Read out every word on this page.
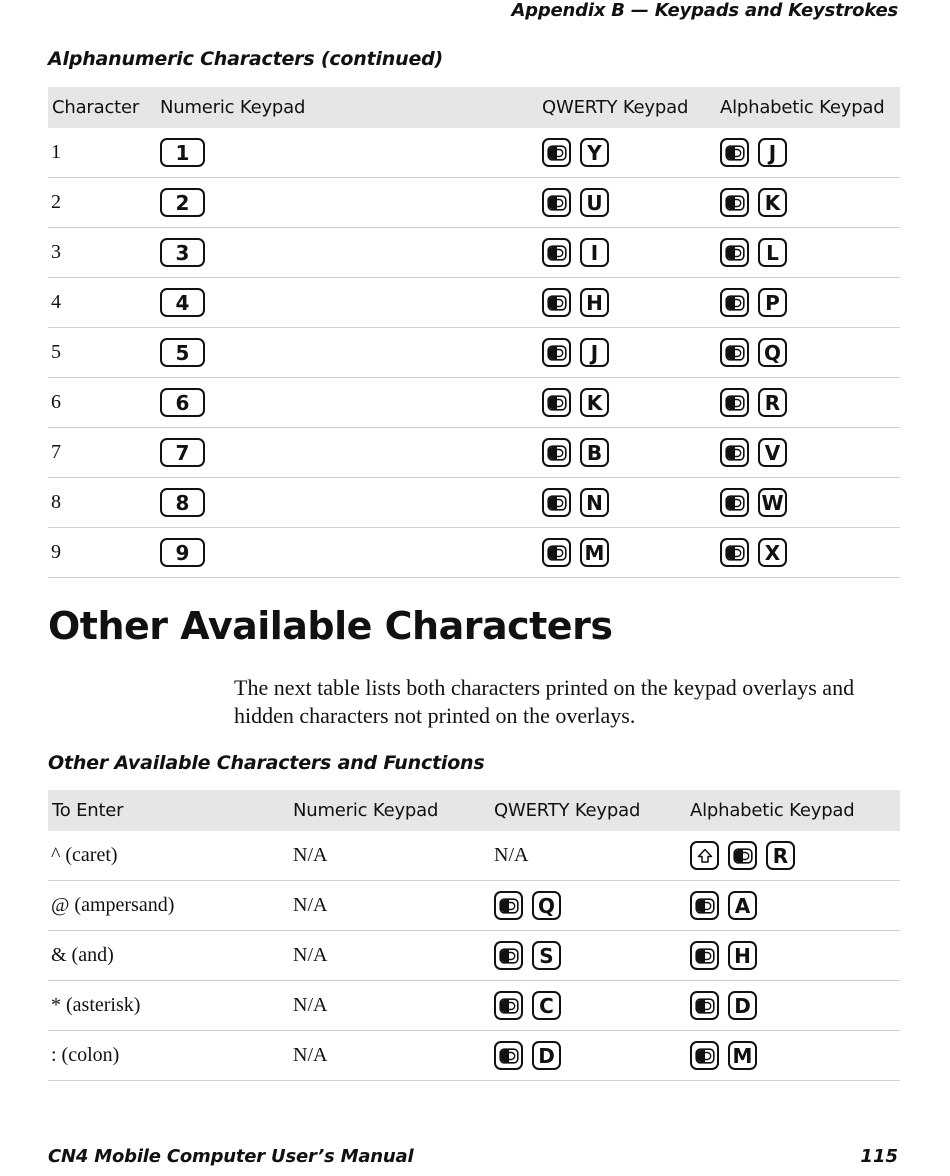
Appendix B — Keypads and Keystrokes
Alphanumeric Characters (continued)
Character	Numeric Keypad	QWERTY Keypad	Alphabetic Keypad
1	1	Y	J
2	2	U	K
3	3	I	L
4	4	H	P
5	5	J	Q
6	6	K	R
7	7	B	V
8	8	N	W
9	9	M	X
Other Available Characters
The next table lists both characters printed on the keypad overlays and hidden characters not printed on the overlays.
Other Available Characters and Functions
To Enter	Numeric Keypad	QWERTY Keypad	Alphabetic Keypad
^ (caret)	N/A	N/A	R
@ (ampersand)	N/A	Q	A
& (and)	N/A	S	H
* (asterisk)	N/A	C	D
: (colon)	N/A	D	M
CN4 Mobile Computer User’s Manual	115
